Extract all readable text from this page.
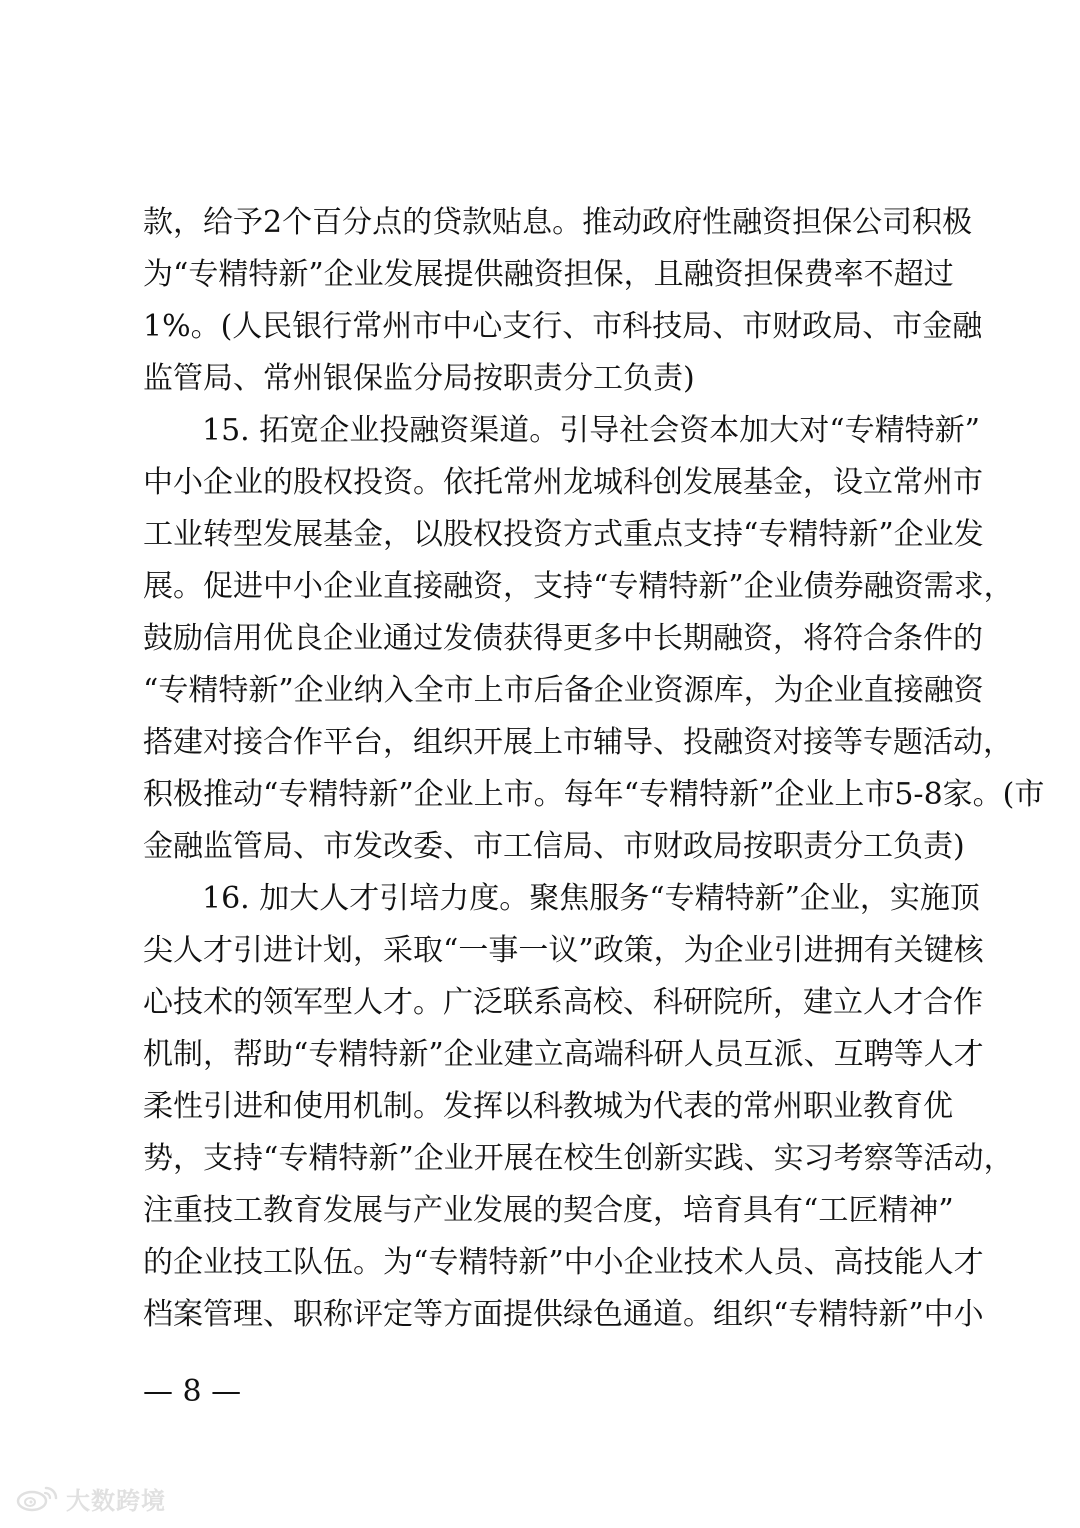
款，给予2个百分点的贷款贴息。推动政府性融资担保公司积极
为“专精特新”企业发展提供融资担保，且融资担保费率不超过
1%。(人民银行常州市中心支行、市科技局、市财政局、市金融
监管局、常州银保监分局按职责分工负责)
15. 拓宽企业投融资渠道。引导社会资本加大对“专精特新”
中小企业的股权投资。依托常州龙城科创发展基金，设立常州市
工业转型发展基金，以股权投资方式重点支持“专精特新”企业发
展。促进中小企业直接融资，支持“专精特新”企业债券融资需求，
鼓励信用优良企业通过发债获得更多中长期融资，将符合条件的
“专精特新”企业纳入全市上市后备企业资源库，为企业直接融资
搭建对接合作平台，组织开展上市辅导、投融资对接等专题活动，
积极推动“专精特新”企业上市。每年“专精特新”企业上市5-8家。(市
金融监管局、市发改委、市工信局、市财政局按职责分工负责)
16. 加大人才引培力度。聚焦服务“专精特新”企业，实施顶
尖人才引进计划，采取“一事一议”政策，为企业引进拥有关键核
心技术的领军型人才。广泛联系高校、科研院所，建立人才合作
机制，帮助“专精特新”企业建立高端科研人员互派、互聘等人才
柔性引进和使用机制。发挥以科教城为代表的常州职业教育优
势，支持“专精特新”企业开展在校生创新实践、实习考察等活动，
注重技工教育发展与产业发展的契合度，培育具有“工匠精神”
的企业技工队伍。为“专精特新”中小企业技术人员、高技能人才
档案管理、职称评定等方面提供绿色通道。组织“专精特新”中小
— 8 —
大数跨境
